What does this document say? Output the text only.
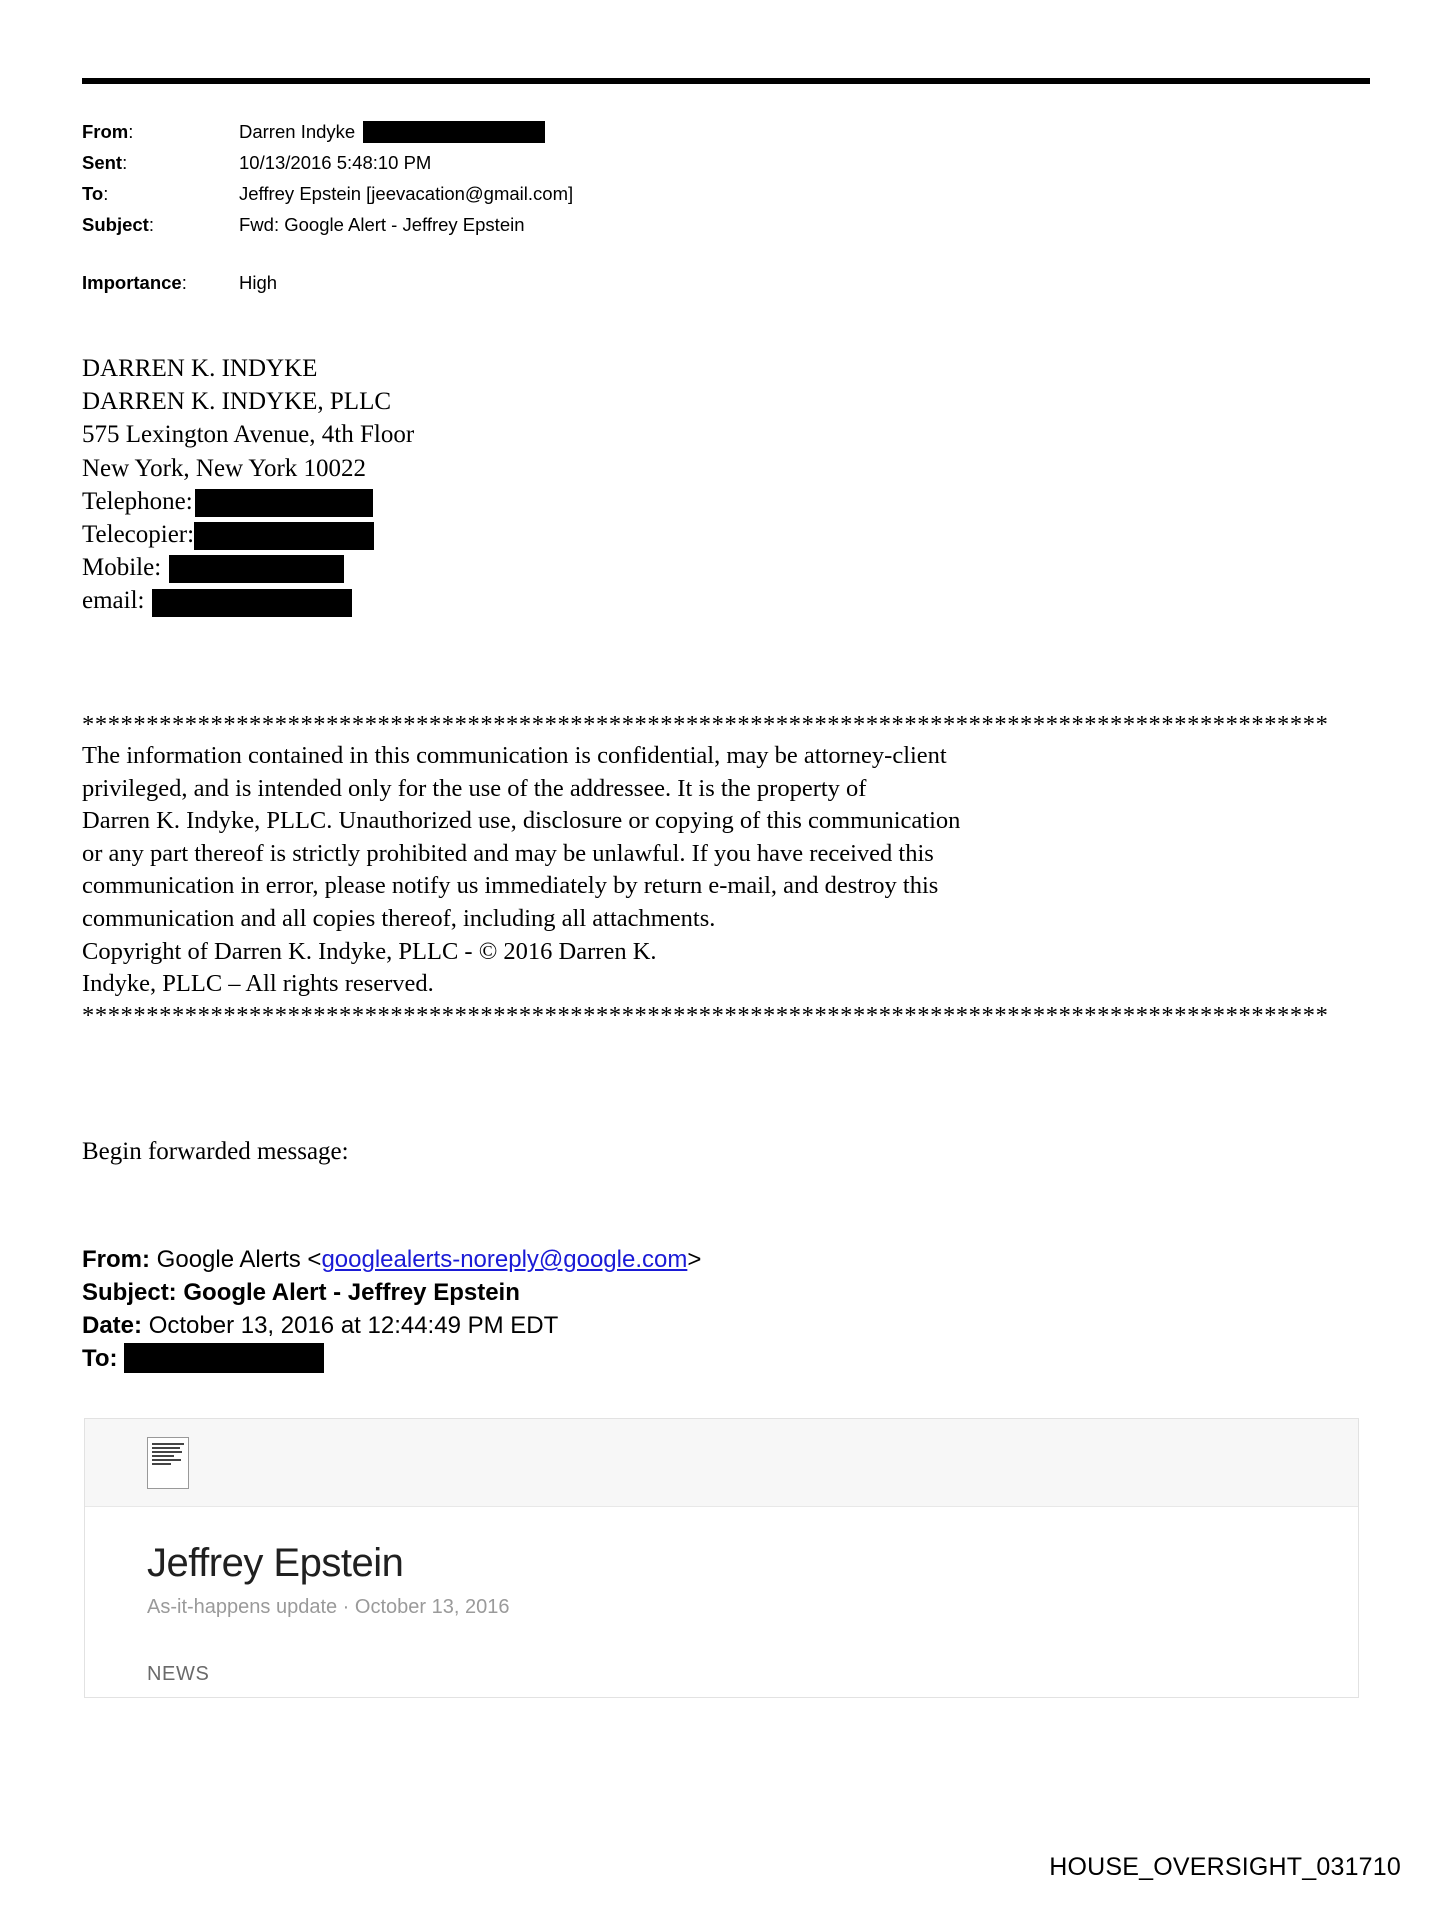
From:	Darren Indyke
Sent:	10/13/2016 5:48:10 PM
To:	Jeffrey Epstein [jeevacation@gmail.com]
Subject:	Fwd: Google Alert - Jeffrey Epstein
Importance:	High
DARREN K. INDYKE
DARREN K. INDYKE, PLLC
575 Lexington Avenue, 4th Floor
New York, New York 10022
Telephone:
Telecopier:
Mobile:
email:

*************************************************************************************************

The information contained in this communication is confidential, may be attorney-client

privileged, and is intended only for the use of the addressee. It is the property of

Darren K. Indyke, PLLC. Unauthorized use, disclosure or copying of this communication

or any part thereof is strictly prohibited and may be unlawful. If you have received this

communication in error, please notify us immediately by return e-mail, and destroy this

communication and all copies thereof, including all attachments.

Copyright of Darren K. Indyke, PLLC - © 2016 Darren K.

Indyke, PLLC – All rights reserved.

*************************************************************************************************

Begin forwarded message:
From: Google Alerts <googlealerts-noreply@google.com>
Subject: Google Alert - Jeffrey Epstein
Date: October 13, 2016 at 12:44:49 PM EDT
To:
Jeffrey Epstein
As-it-happens update · October 13, 2016
NEWS
HOUSE_OVERSIGHT_031710
